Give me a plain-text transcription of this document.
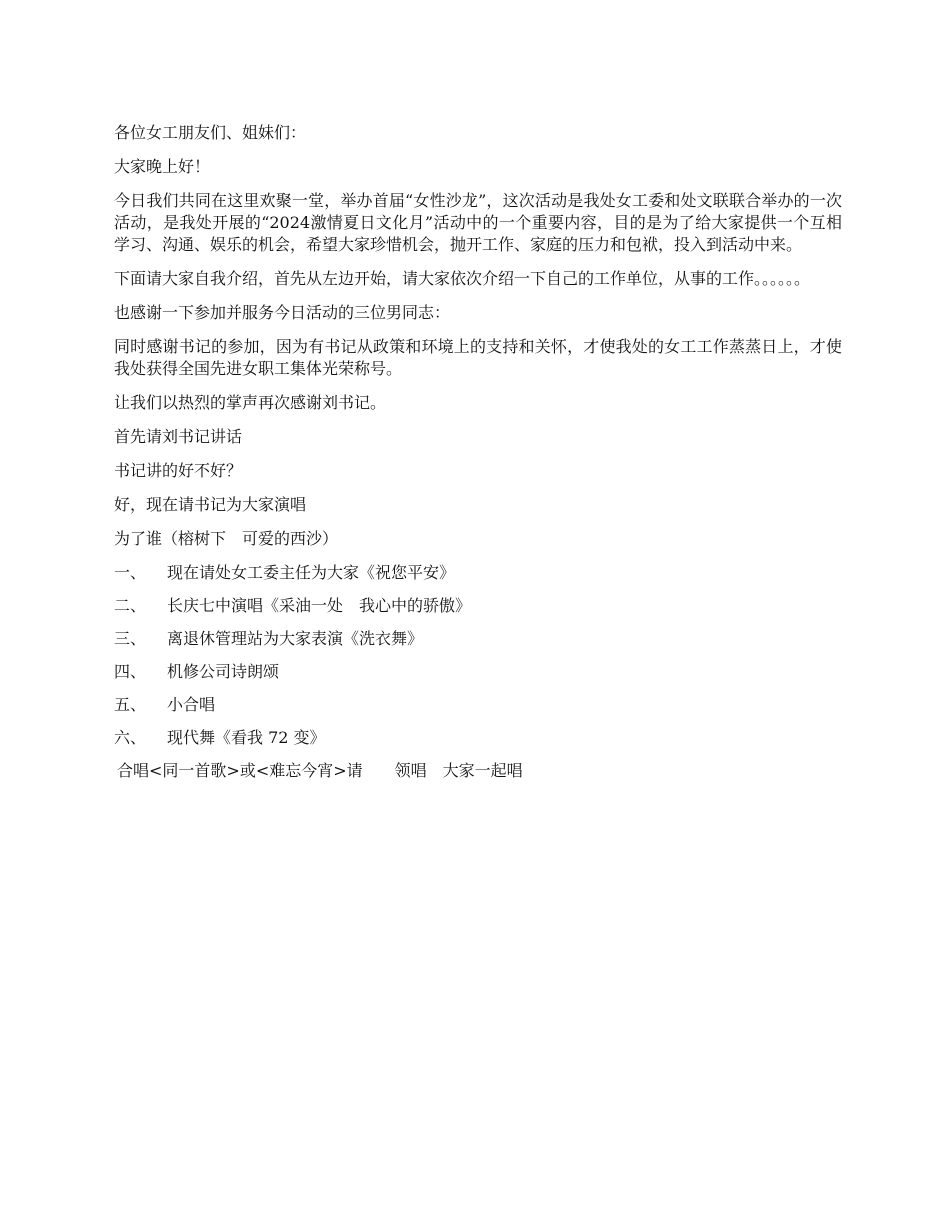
各位女工朋友们、姐妹们：

大家晚上好！

今日我们共同在这里欢聚一堂，举办首届“女性沙龙”，这次活动是我处女工委和处文联联合举办的一次活动，是我处开展的“2024激情夏日文化月”活动中的一个重要内容，目的是为了给大家提供一个互相学习、沟通、娱乐的机会，希望大家珍惜机会，抛开工作、家庭的压力和包袱，投入到活动中来。

下面请大家自我介绍，首先从左边开始，请大家依次介绍一下自己的工作单位，从事的工作。。。。。。

也感谢一下参加并服务今日活动的三位男同志：

同时感谢书记的参加，因为有书记从政策和环境上的支持和关怀，才使我处的女工工作蒸蒸日上，才使我处获得全国先进女职工集体光荣称号。

让我们以热烈的掌声再次感谢刘书记。

首先请刘书记讲话

书记讲的好不好？

好，现在请书记为大家演唱

为了谁（榕树下　可爱的西沙）

一、	现在请处女工委主任为大家《祝您平安》
二、	长庆七中演唱《采油一处　我心中的骄傲》
三、	离退休管理站为大家表演《洗衣舞》
四、	机修公司诗朗颂
五、	小合唱
六、	现代舞《看我 72 变》

合唱<同一首歌>或<难忘今宵>请　　领唱　大家一起唱
